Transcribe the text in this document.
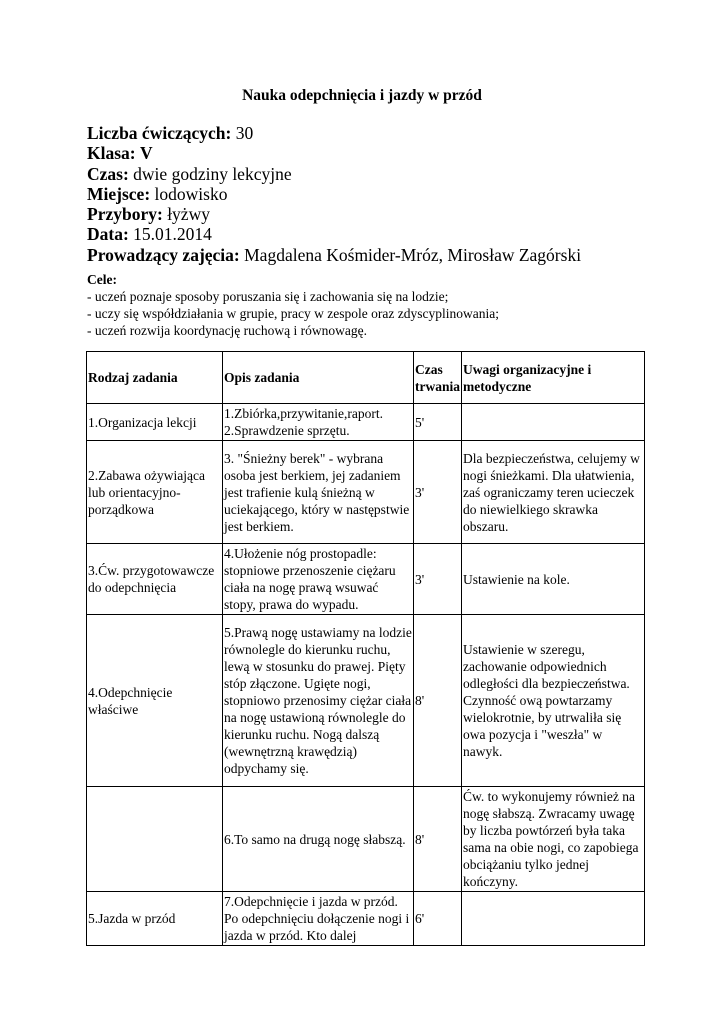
Nauka odepchnięcia i jazdy w przód
Liczba ćwiczących: 30
Klasa: V
Czas: dwie godziny lekcyjne
Miejsce: lodowisko
Przybory: łyżwy
Data: 15.01.2014
Prowadzący zajęcia: Magdalena Kośmider-Mróz, Mirosław Zagórski
Cele:
- uczeń poznaje sposoby poruszania się i zachowania się na lodzie;
- uczy się współdziałania w grupie, pracy w zespole oraz zdyscyplinowania;
- uczeń rozwija koordynację ruchową i równowagę.
Rodzaj zadania	Opis zadania	Czas trwania	Uwagi organizacyjne i metodyczne
1.Organizacja lekcji	1.Zbiórka,przywitanie,raport. 2.Sprawdzenie sprzętu.	5'	
2.Zabawa ożywiająca lub orientacyjno-porządkowa	3. "Śnieżny berek" - wybrana osoba jest berkiem, jej zadaniem jest trafienie kulą śnieżną w uciekającego, który w następstwie jest berkiem.	3'	Dla bezpieczeństwa, celujemy w nogi śnieżkami. Dla ułatwienia, zaś ograniczamy teren ucieczek do niewielkiego skrawka obszaru.
3.Ćw. przygotowawcze do odepchnięcia	4.Ułożenie nóg prostopadle: stopniowe przenoszenie ciężaru ciała na nogę prawą wsuwać stopy, prawa do wypadu.	3'	Ustawienie na kole.
4.Odepchnięcie właściwe	5.Prawą nogę ustawiamy na lodzie równolegle do kierunku ruchu, lewą w stosunku do prawej. Pięty stóp złączone. Ugięte nogi, stopniowo przenosimy ciężar ciała na nogę ustawioną równolegle do kierunku ruchu. Nogą dalszą (wewnętrzną krawędzią) odpychamy się.	8'	Ustawienie w szeregu, zachowanie odpowiednich odległości dla bezpieczeństwa. Czynność ową powtarzamy wielokrotnie, by utrwaliła się owa pozycja i "weszła" w nawyk.
	6.To samo na drugą nogę słabszą.	8'	Ćw. to wykonujemy również na nogę słabszą. Zwracamy uwagę by liczba powtórzeń była taka sama na obie nogi, co zapobiega obciążaniu tylko jednej kończyny.
5.Jazda w przód	7.Odepchnięcie i jazda w przód. Po odepchnięciu dołączenie nogi i jazda w przód. Kto dalej	6'	
